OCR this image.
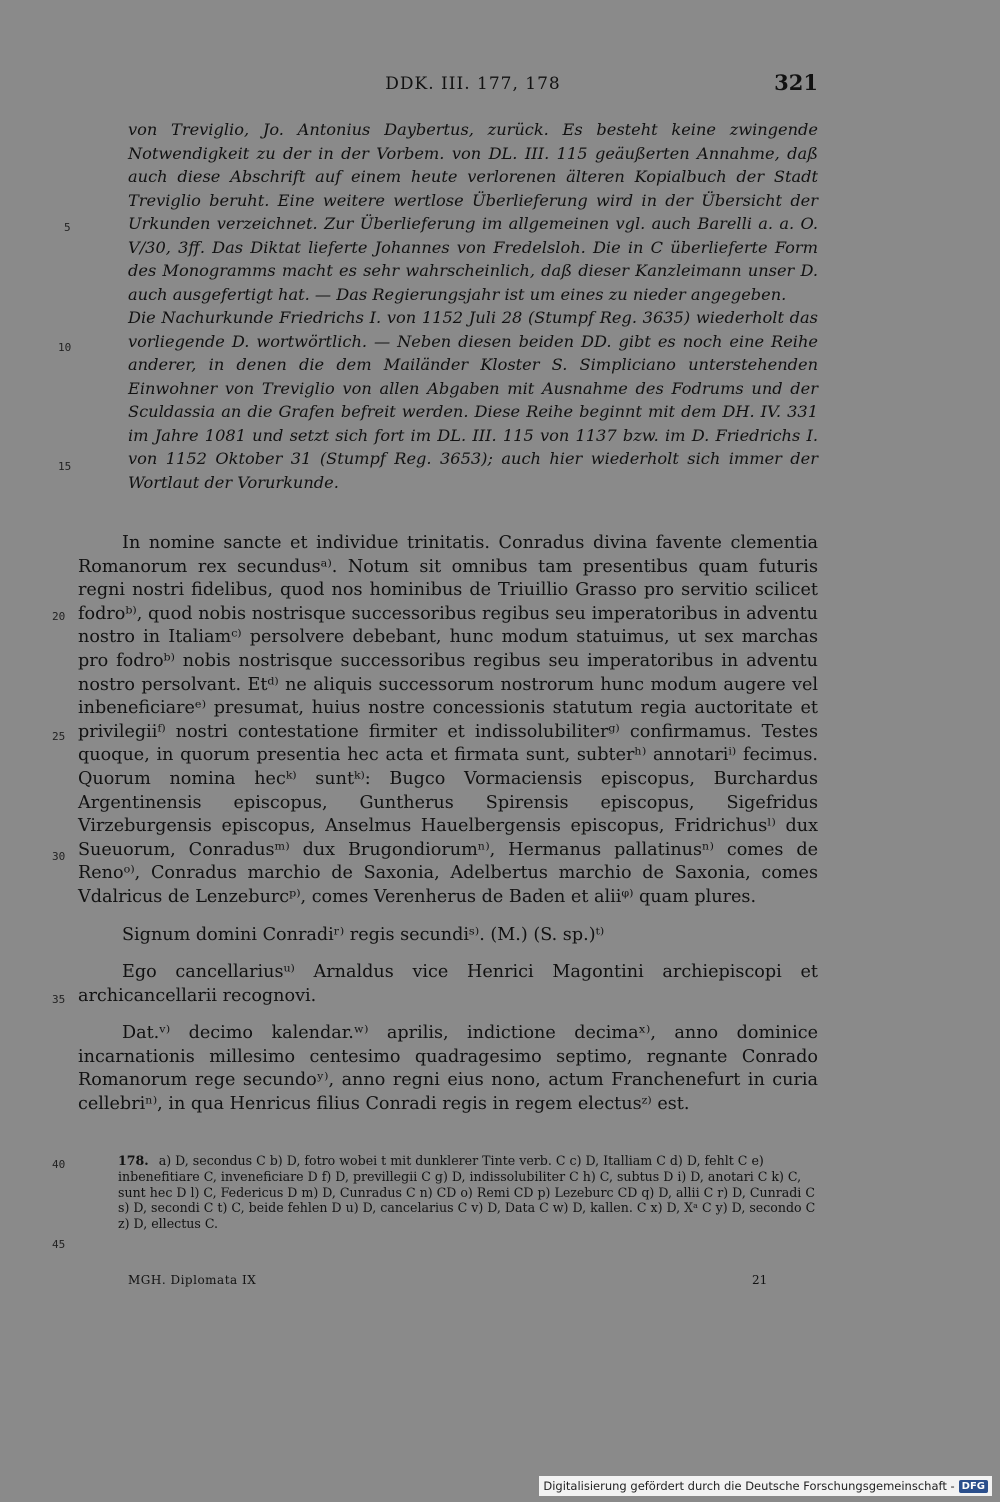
DDK. III. 177, 178	321

von Treviglio, Jo. Antonius Daybertus, zurück. Es besteht keine zwingende Notwendigkeit zu der in der Vorbem. von DL. III. 115 geäußerten Annahme, daß auch diese Abschrift auf einem heute verlorenen älteren Kopialbuch der Stadt Treviglio beruht. Eine weitere wertlose Überlieferung wird in der Übersicht der Urkunden verzeichnet. Zur Überlieferung im allgemeinen vgl. auch Barelli a. a. O. V/30, 3ff. Das Diktat lieferte Johannes von Fredelsloh. Die in C überlieferte Form des Monogramms macht es sehr wahrscheinlich, daß dieser Kanzleimann unser D. auch ausgefertigt hat. — Das Regierungsjahr ist um eines zu nieder angegeben.

Die Nachurkunde Friedrichs I. von 1152 Juli 28 (Stumpf Reg. 3635) wiederholt das vorliegende D. wortwörtlich. — Neben diesen beiden DD. gibt es noch eine Reihe anderer, in denen die dem Mailänder Kloster S. Simpliciano unterstehenden Einwohner von Treviglio von allen Abgaben mit Ausnahme des Fodrums und der Sculdassia an die Grafen befreit werden. Diese Reihe beginnt mit dem DH. IV. 331 im Jahre 1081 und setzt sich fort im DL. III. 115 von 1137 bzw. im D. Friedrichs I. von 1152 Oktober 31 (Stumpf Reg. 3653); auch hier wiederholt sich immer der Wortlaut der Vorurkunde.

5
10
15
20
25
30
35
40
45

In nomine sancte et individue trinitatis. Conradus divina favente clementia Romanorum rex secundusᵃ⁾. Notum sit omnibus tam presentibus quam futuris regni nostri fidelibus, quod nos hominibus de Triuillio Grasso pro servitio scilicet fodroᵇ⁾, quod nobis nostrisque successoribus regibus seu imperatoribus in adventu nostro in Italiamᶜ⁾ persolvere debebant, hunc modum statuimus, ut sex marchas pro fodroᵇ⁾ nobis nostrisque successoribus regibus seu imperatoribus in adventu nostro persolvant. Etᵈ⁾ ne aliquis successorum nostrorum hunc modum augere vel inbeneficiareᵉ⁾ presumat, huius nostre concessionis statutum regia auctoritate et privilegiiᶠ⁾ nostri contestatione firmiter et indissolubiliterᵍ⁾ confirmamus. Testes quoque, in quorum presentia hec acta et firmata sunt, subterʰ⁾ annotariⁱ⁾ fecimus. Quorum nomina hecᵏ⁾ suntᵏ⁾: Bugco Vormaciensis episcopus, Burchardus Argentinensis episcopus, Guntherus Spirensis episcopus, Sigefridus Virzeburgensis episcopus, Anselmus Hauelbergensis episcopus, Fridrichusˡ⁾ dux Sueuorum, Conradusᵐ⁾ dux Brugondiorumⁿ⁾, Hermanus pallatinusⁿ⁾ comes de Renoᵒ⁾, Conradus marchio de Saxonia, Adelbertus marchio de Saxonia, comes Vdalricus de Lenzeburcᵖ⁾, comes Verenherus de Baden et aliiᵠ⁾ quam plures.

Signum domini Conradiʳ⁾ regis secundiˢ⁾. (M.) (S. sp.)ᵗ⁾

Ego cancellariusᵘ⁾ Arnaldus vice Henrici Magontini archiepiscopi et archicancellarii recognovi.

Dat.ᵛ⁾ decimo kalendar.ʷ⁾ aprilis, indictione decimaˣ⁾, anno dominice incarnationis millesimo centesimo quadragesimo septimo, regnante Conrado Romanorum rege secundoʸ⁾, anno regni eius nono, actum Franchenefurt in curia cellebriⁿ⁾, in qua Henricus filius Conradi regis in regem electusᶻ⁾ est.

178. a) D, secondus C b) D, fotro wobei t mit dunklerer Tinte verb. C c) D, Italliam C d) D, fehlt C e) inbenefitiare C, inveneficiare D f) D, previllegii C g) D, indissolubiliter C h) C, subtus D i) D, anotari C k) C, sunt hec D l) C, Federicus D m) D, Cunradus C n) CD o) Remi CD p) Lezeburc CD q) D, allii C r) D, Cunradi C s) D, secondi C t) C, beide fehlen D u) D, cancelarius C v) D, Data C w) D, kallen. C x) D, Xᵃ C y) D, secondo C z) D, ellectus C.
MGH. Diplomata IX	21
Digitalisierung gefördert durch die Deutsche Forschungsgemeinschaft - DFG
